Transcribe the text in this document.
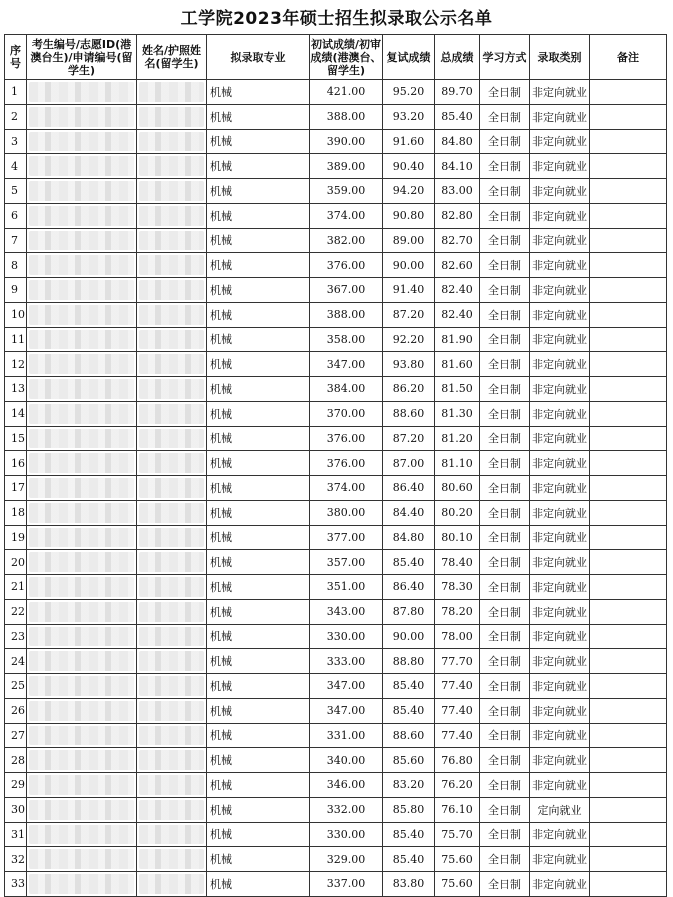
工学院2023年硕士招生拟录取公示名单
序号	考生编号/志愿ID(港澳台生)/申请编号(留学生)	姓名/护照姓名(留学生)	拟录取专业	初试成绩/初审成绩(港澳台、留学生)	复试成绩	总成绩	学习方式	录取类别	备注
1			机械	421.00	95.20	89.70	全日制	非定向就业	
2			机械	388.00	93.20	85.40	全日制	非定向就业	
3			机械	390.00	91.60	84.80	全日制	非定向就业	
4			机械	389.00	90.40	84.10	全日制	非定向就业	
5			机械	359.00	94.20	83.00	全日制	非定向就业	
6			机械	374.00	90.80	82.80	全日制	非定向就业	
7			机械	382.00	89.00	82.70	全日制	非定向就业	
8			机械	376.00	90.00	82.60	全日制	非定向就业	
9			机械	367.00	91.40	82.40	全日制	非定向就业	
10			机械	388.00	87.20	82.40	全日制	非定向就业	
11			机械	358.00	92.20	81.90	全日制	非定向就业	
12			机械	347.00	93.80	81.60	全日制	非定向就业	
13			机械	384.00	86.20	81.50	全日制	非定向就业	
14			机械	370.00	88.60	81.30	全日制	非定向就业	
15			机械	376.00	87.20	81.20	全日制	非定向就业	
16			机械	376.00	87.00	81.10	全日制	非定向就业	
17			机械	374.00	86.40	80.60	全日制	非定向就业	
18			机械	380.00	84.40	80.20	全日制	非定向就业	
19			机械	377.00	84.80	80.10	全日制	非定向就业	
20			机械	357.00	85.40	78.40	全日制	非定向就业	
21			机械	351.00	86.40	78.30	全日制	非定向就业	
22			机械	343.00	87.80	78.20	全日制	非定向就业	
23			机械	330.00	90.00	78.00	全日制	非定向就业	
24			机械	333.00	88.80	77.70	全日制	非定向就业	
25			机械	347.00	85.40	77.40	全日制	非定向就业	
26			机械	347.00	85.40	77.40	全日制	非定向就业	
27			机械	331.00	88.60	77.40	全日制	非定向就业	
28			机械	340.00	85.60	76.80	全日制	非定向就业	
29			机械	346.00	83.20	76.20	全日制	非定向就业	
30			机械	332.00	85.80	76.10	全日制	定向就业	
31			机械	330.00	85.40	75.70	全日制	非定向就业	
32			机械	329.00	85.40	75.60	全日制	非定向就业	
33			机械	337.00	83.80	75.60	全日制	非定向就业	
